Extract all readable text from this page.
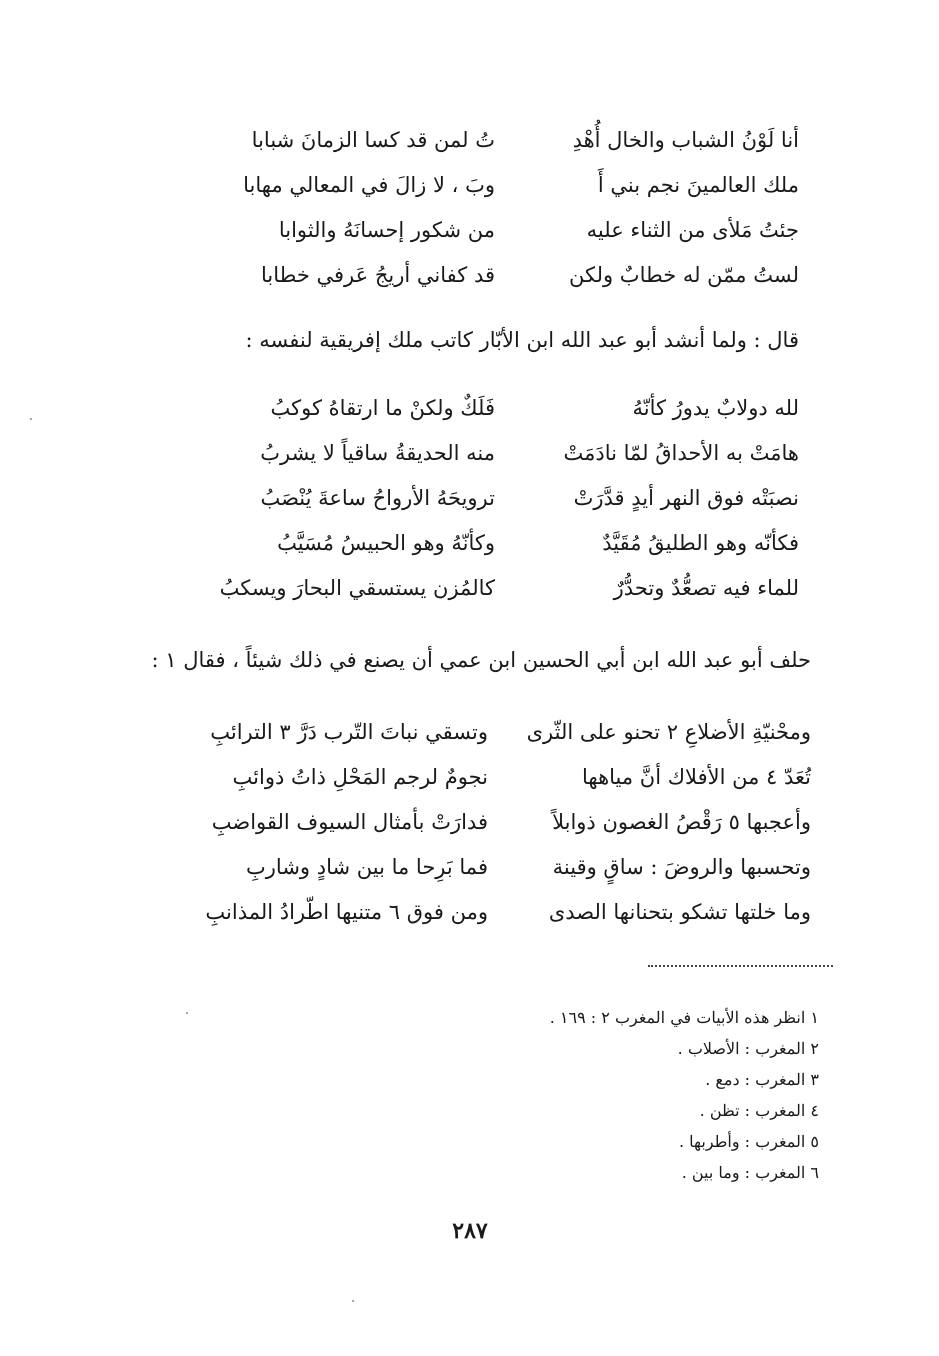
أنا لَوْنُ الشباب والخال أُهْدِ
تُ لمن قد كسا الزمانَ شبابا
ملك العالمينَ نجم بني أَ
وبَ ، لا زالَ في المعالي مهابا
جئتُ مَلأى من الثناء عليه
من شكور إحسانَهُ والثوابا
لستُ ممّن له خطابٌ ولكن
قد كفاني أريجُ عَرفي خطابا
قال : ولما أنشد أبو عبد الله ابن الأبّار كاتب ملك إفريقية لنفسه :
لله دولابٌ يدورُ كأنّهُ
فَلَكٌ ولكنْ ما ارتقاهُ كوكبُ
هامَتْ به الأحداقُ لمّا نادَمَتْ
منه الحديقةُ ساقياً لا يشربُ
نصبَتْه فوق النهر أيدٍ قدَّرَتْ
ترويحَهُ الأرواحُ ساعةَ يُنْصَبُ
فكأنّه وهو الطليقُ مُقَيَّدٌ
وكأنّهُ وهو الحبيسُ مُسَيَّبُ
للماء فيه تصعُّدٌ وتحدُّرٌ
كالمُزن يستسقي البحارَ ويسكبُ
حلف أبو عبد الله ابن أبي الحسين ابن عمي أن يصنع في ذلك شيئاً ، فقال ١ :
ومحْنيّةِ الأضلاعِ ٢ تحنو على الثّرى
وتسقي نباتَ التّرب دَرَّ ٣ الترائبِ
تُعَدّ ٤ من الأفلاك أنَّ مياهها
نجومٌ لرجم المَحْلِ ذاتُ ذوائبِ
وأعجبها ٥ رَقْصُ الغصون ذوابلاً
فدارَتْ بأمثال السيوف القواضبِ
وتحسبها والروضَ : ساقٍ وقينة
فما بَرِحا ما بين شادٍ وشاربِ
وما خلتها تشكو بتحنانها الصدى
ومن فوق ٦ متنيها اطّرادُ المذانبِ
١ انظر هذه الأبيات في المغرب ٢ : ١٦٩ .
٢ المغرب : الأصلاب .
٣ المغرب : دمع .
٤ المغرب : تظن .
٥ المغرب : وأطربها .
٦ المغرب : وما بين .
٢٨٧
